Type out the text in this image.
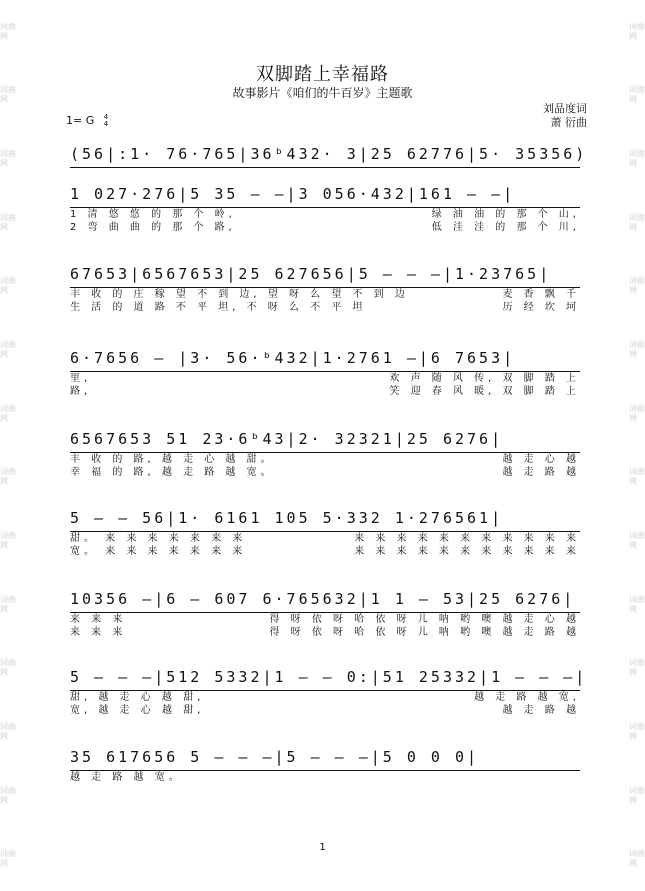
词曲网
词曲网
词曲网
词曲网
词曲网
词曲网
词曲网
词曲网
词曲网
词曲网
词曲网
词曲网
词曲网
词曲网
词曲网
词曲网
词曲网
词曲网
词曲网
词曲网
词曲网
词曲网
词曲网
词曲网
词曲网
词曲网
词曲网
词曲网
双脚踏上幸福路
故事影片《咱们的牛百岁》主题歌
刘品度词
萧 衍曲
1= G 4
4
(56|:1· 76·765|36ᵇ432· 3|25 62776|5· 35356)
1 027·276|5 35 — —|3 056·432|161 — —|
1 清 悠 悠 的 那 个 岭,	绿 油 油 的 那 个 山,
2 弯 曲 曲 的 那 个 路,	低 洼 洼 的 那 个 川,
67653|6567653|25 627656|5 — — —|1·23765|
丰 收 的 庄 稼 望 不 到 边, 望 呀 么 望 不 到 边	麦 香 飘 千
生 活 的 道 路 不 平 坦, 不 呀 么 不 平 坦	历 经 坎 坷
6·7656 — |3· 56·ᵇ432|1·2761 —|6 7653|
里,	欢 声 随 风 传, 双 脚 踏 上
路,	笑 迎 春 风 暖, 双 脚 踏 上
6567653 51 23·6ᵇ43|2· 32321|25 6276|
丰 收 的 路, 越 走 心 越 甜。	越 走 心 越
幸 福 的 路, 越 走 路 越 宽。	越 走 路 越
5 — — 56|1· 6161 105 5·332 1·276561|
甜。 来 来 来 来 来 来 来	来 来 来 来 来 来 来 来 来 来 来
宽。 来 来 来 来 来 来 来	来 来 来 来 来 来 来 来 来 来 来
10356 —|6 — 607 6·765632|1 1 — 53|25 6276|
来 来 来	得 呀 依 呀 哈 依 呀 儿 呐 哟 噢 越 走 心 越
来 来 来	得 呀 依 呀 哈 依 呀 儿 呐 哟 噢 越 走 路 越
5 — — —|512 5332|1 — — 0:|51 25332|1 — — —|
甜, 越 走 心 越 甜,	越 走 路 越 宽,
宽, 越 走 心 越 甜,	越 走 路 越
35 617656 5 — — —|5 — — —|5 0 0 0|
越 走 路 越 宽。
1
